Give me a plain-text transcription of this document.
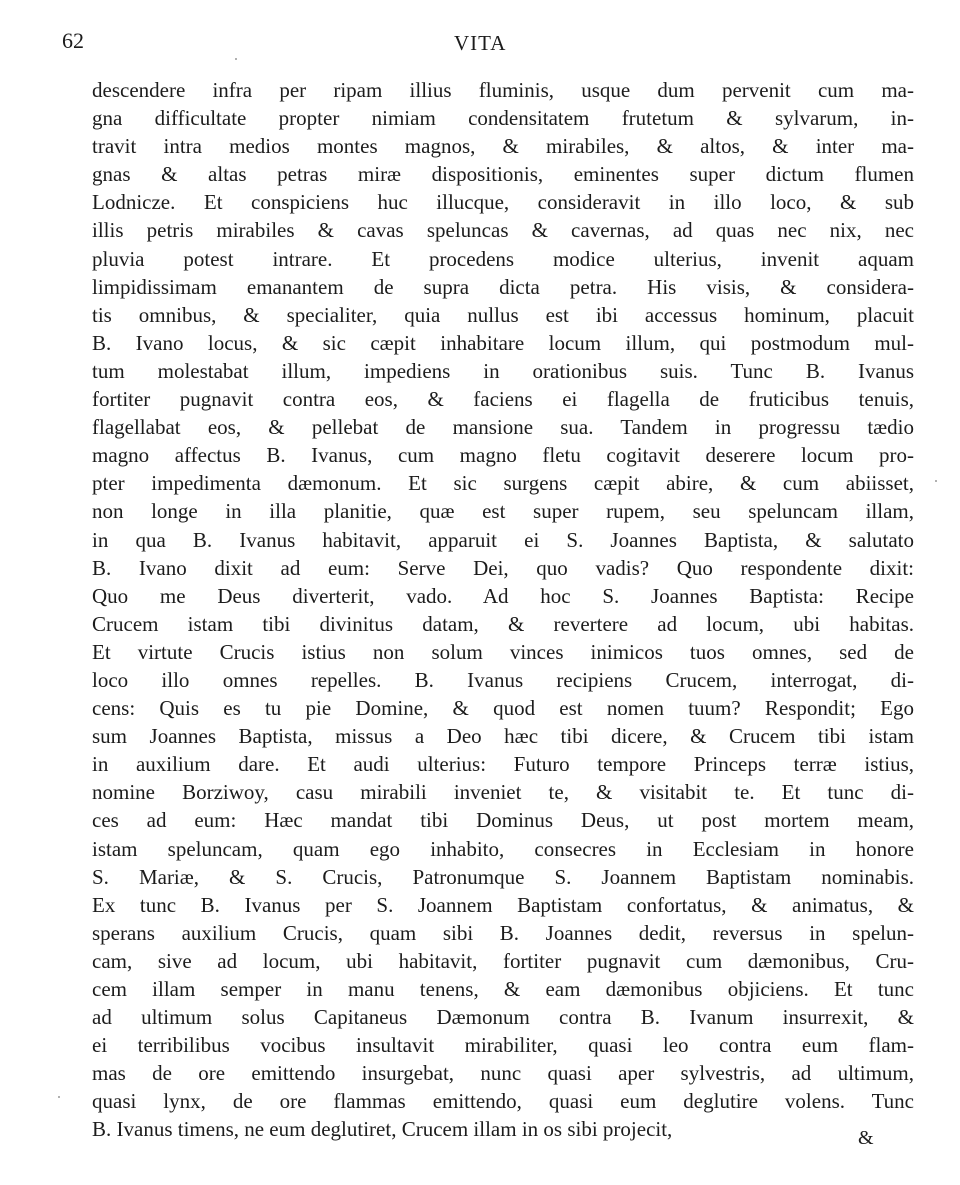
62	VITA
descendere infra per ripam illius fluminis, usque dum pervenit cum ma-
gna difficultate propter nimiam condensitatem frutetum & sylvarum, in-
travit intra medios montes magnos, & mirabiles, & altos, & inter ma-
gnas & altas petras miræ dispositionis, eminentes super dictum flumen
Lodnicze. Et conspiciens huc illucque, consideravit in illo loco, & sub
illis petris mirabiles & cavas speluncas & cavernas, ad quas nec nix, nec
pluvia potest intrare. Et procedens modice ulterius, invenit aquam
limpidissimam emanantem de supra dicta petra. His visis, & considera-
tis omnibus, & specialiter, quia nullus est ibi accessus hominum, placuit
B. Ivano locus, & sic cæpit inhabitare locum illum, qui postmodum mul-
tum molestabat illum, impediens in orationibus suis. Tunc B. Ivanus
fortiter pugnavit contra eos, & faciens ei flagella de fruticibus tenuis,
flagellabat eos, & pellebat de mansione sua. Tandem in progressu tædio
magno affectus B. Ivanus, cum magno fletu cogitavit deserere locum pro-
pter impedimenta dæmonum. Et sic surgens cæpit abire, & cum abiisset,
non longe in illa planitie, quæ est super rupem, seu speluncam illam,
in qua B. Ivanus habitavit, apparuit ei S. Joannes Baptista, & salutato
B. Ivano dixit ad eum: Serve Dei, quo vadis? Quo respondente dixit:
Quo me Deus diverterit, vado. Ad hoc S. Joannes Baptista: Recipe
Crucem istam tibi divinitus datam, & revertere ad locum, ubi habitas.
Et virtute Crucis istius non solum vinces inimicos tuos omnes, sed de
loco illo omnes repelles. B. Ivanus recipiens Crucem, interrogat, di-
cens: Quis es tu pie Domine, & quod est nomen tuum? Respondit; Ego
sum Joannes Baptista, missus a Deo hæc tibi dicere, & Crucem tibi istam
in auxilium dare. Et audi ulterius: Futuro tempore Princeps terræ istius,
nomine Borziwoy, casu mirabili inveniet te, & visitabit te. Et tunc di-
ces ad eum: Hæc mandat tibi Dominus Deus, ut post mortem meam,
istam speluncam, quam ego inhabito, consecres in Ecclesiam in honore
S. Mariæ, & S. Crucis, Patronumque S. Joannem Baptistam nominabis.
Ex tunc B. Ivanus per S. Joannem Baptistam confortatus, & animatus, &
sperans auxilium Crucis, quam sibi B. Joannes dedit, reversus in spelun-
cam, sive ad locum, ubi habitavit, fortiter pugnavit cum dæmonibus, Cru-
cem illam semper in manu tenens, & eam dæmonibus objiciens. Et tunc
ad ultimum solus Capitaneus Dæmonum contra B. Ivanum insurrexit, &
ei terribilibus vocibus insultavit mirabiliter, quasi leo contra eum flam-
mas de ore emittendo insurgebat, nunc quasi aper sylvestris, ad ultimum,
quasi lynx, de ore flammas emittendo, quasi eum deglutire volens. Tunc
B. Ivanus timens, ne eum deglutiret, Crucem illam in os sibi projecit,	&
